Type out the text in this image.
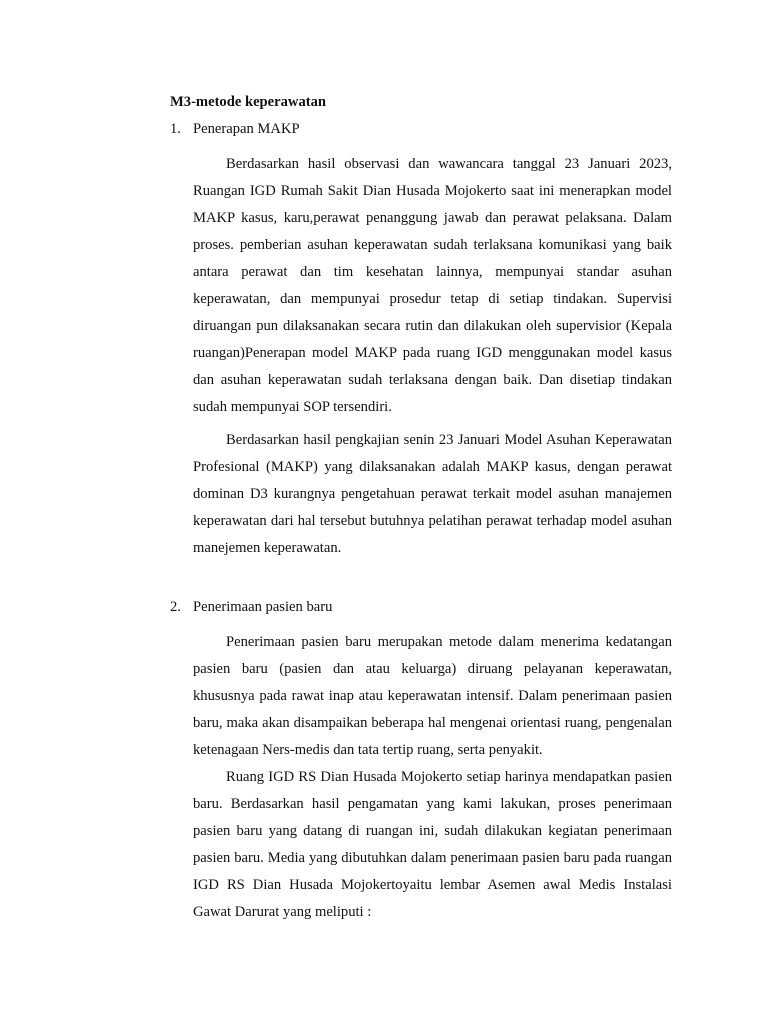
M3-metode keperawatan
1. Penerapan MAKP

Berdasarkan hasil observasi dan wawancara tanggal 23 Januari 2023, Ruangan IGD Rumah Sakit Dian Husada Mojokerto saat ini menerapkan model MAKP kasus, karu,perawat penanggung jawab dan perawat pelaksana. Dalam proses. pemberian asuhan keperawatan sudah terlaksana komunikasi yang baik antara perawat dan tim kesehatan lainnya, mempunyai standar asuhan keperawatan, dan mempunyai prosedur tetap di setiap tindakan. Supervisi diruangan pun dilaksanakan secara rutin dan dilakukan oleh supervisior (Kepala ruangan)Penerapan model MAKP pada ruang IGD menggunakan model kasus dan asuhan keperawatan sudah terlaksana dengan baik. Dan disetiap tindakan sudah mempunyai SOP tersendiri.

Berdasarkan hasil pengkajian senin 23 Januari Model Asuhan Keperawatan Profesional (MAKP) yang dilaksanakan adalah MAKP kasus, dengan perawat dominan D3 kurangnya pengetahuan perawat terkait model asuhan manajemen keperawatan dari hal tersebut butuhnya pelatihan perawat terhadap model asuhan manejemen keperawatan.

2. Penerimaan pasien baru

Penerimaan pasien baru merupakan metode dalam menerima kedatangan pasien baru (pasien dan atau keluarga) diruang pelayanan keperawatan, khususnya pada rawat inap atau keperawatan intensif. Dalam penerimaan pasien baru, maka akan disampaikan beberapa hal mengenai orientasi ruang, pengenalan ketenagaan Ners-medis dan tata tertip ruang, serta penyakit.

Ruang IGD RS Dian Husada Mojokerto setiap harinya mendapatkan pasien baru. Berdasarkan hasil pengamatan yang kami lakukan, proses penerimaan pasien baru yang datang di ruangan ini, sudah dilakukan kegiatan penerimaan pasien baru. Media yang dibutuhkan dalam penerimaan pasien baru pada ruangan IGD RS Dian Husada Mojokertoyaitu lembar Asemen awal Medis Instalasi Gawat Darurat yang meliputi :
